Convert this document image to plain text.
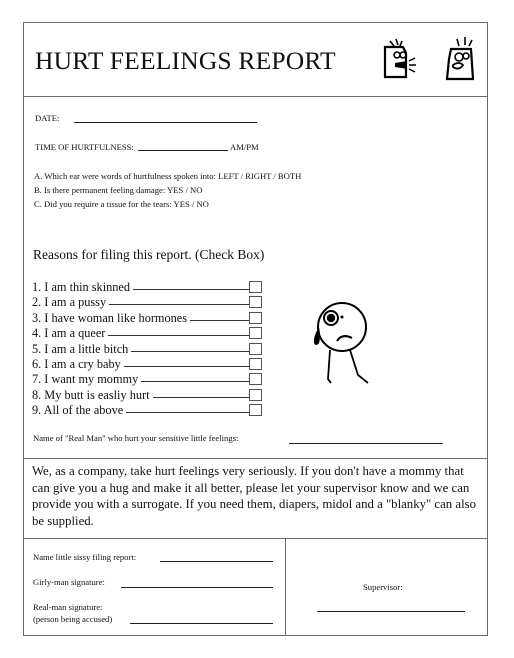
HURT FEELINGS REPORT
DATE:
TIME OF HURTFULNESS:	AM/PM
A. Which ear were words of hurtfulness spoken into: LEFT / RIGHT / BOTH
B. Is there permanent feeling damage: YES / NO
C. Did you require a tissue for the tears: YES / NO
Reasons for filing this report. (Check Box)
1. I am thin skinned
2. I am a pussy
3. I have woman like hormones
4. I am a queer
5. I am a little bitch
6. I am a cry baby
7. I want my mommy
8. My butt is easliy hurt
9. All of the above
Name of "Real Man" who hurt your sensitive little feelings:
We, as a company, take hurt feelings very seriously. If you don't have a mommy that can give you a hug and make it all better, please let your supervisor know and we can provide you with a surrogate. If you need them, diapers, midol and a "blanky" can also be supplied.
Name little sissy filing report:
Girly-man signature:
Real-man signature:
(person being accused)
Supervisor:
